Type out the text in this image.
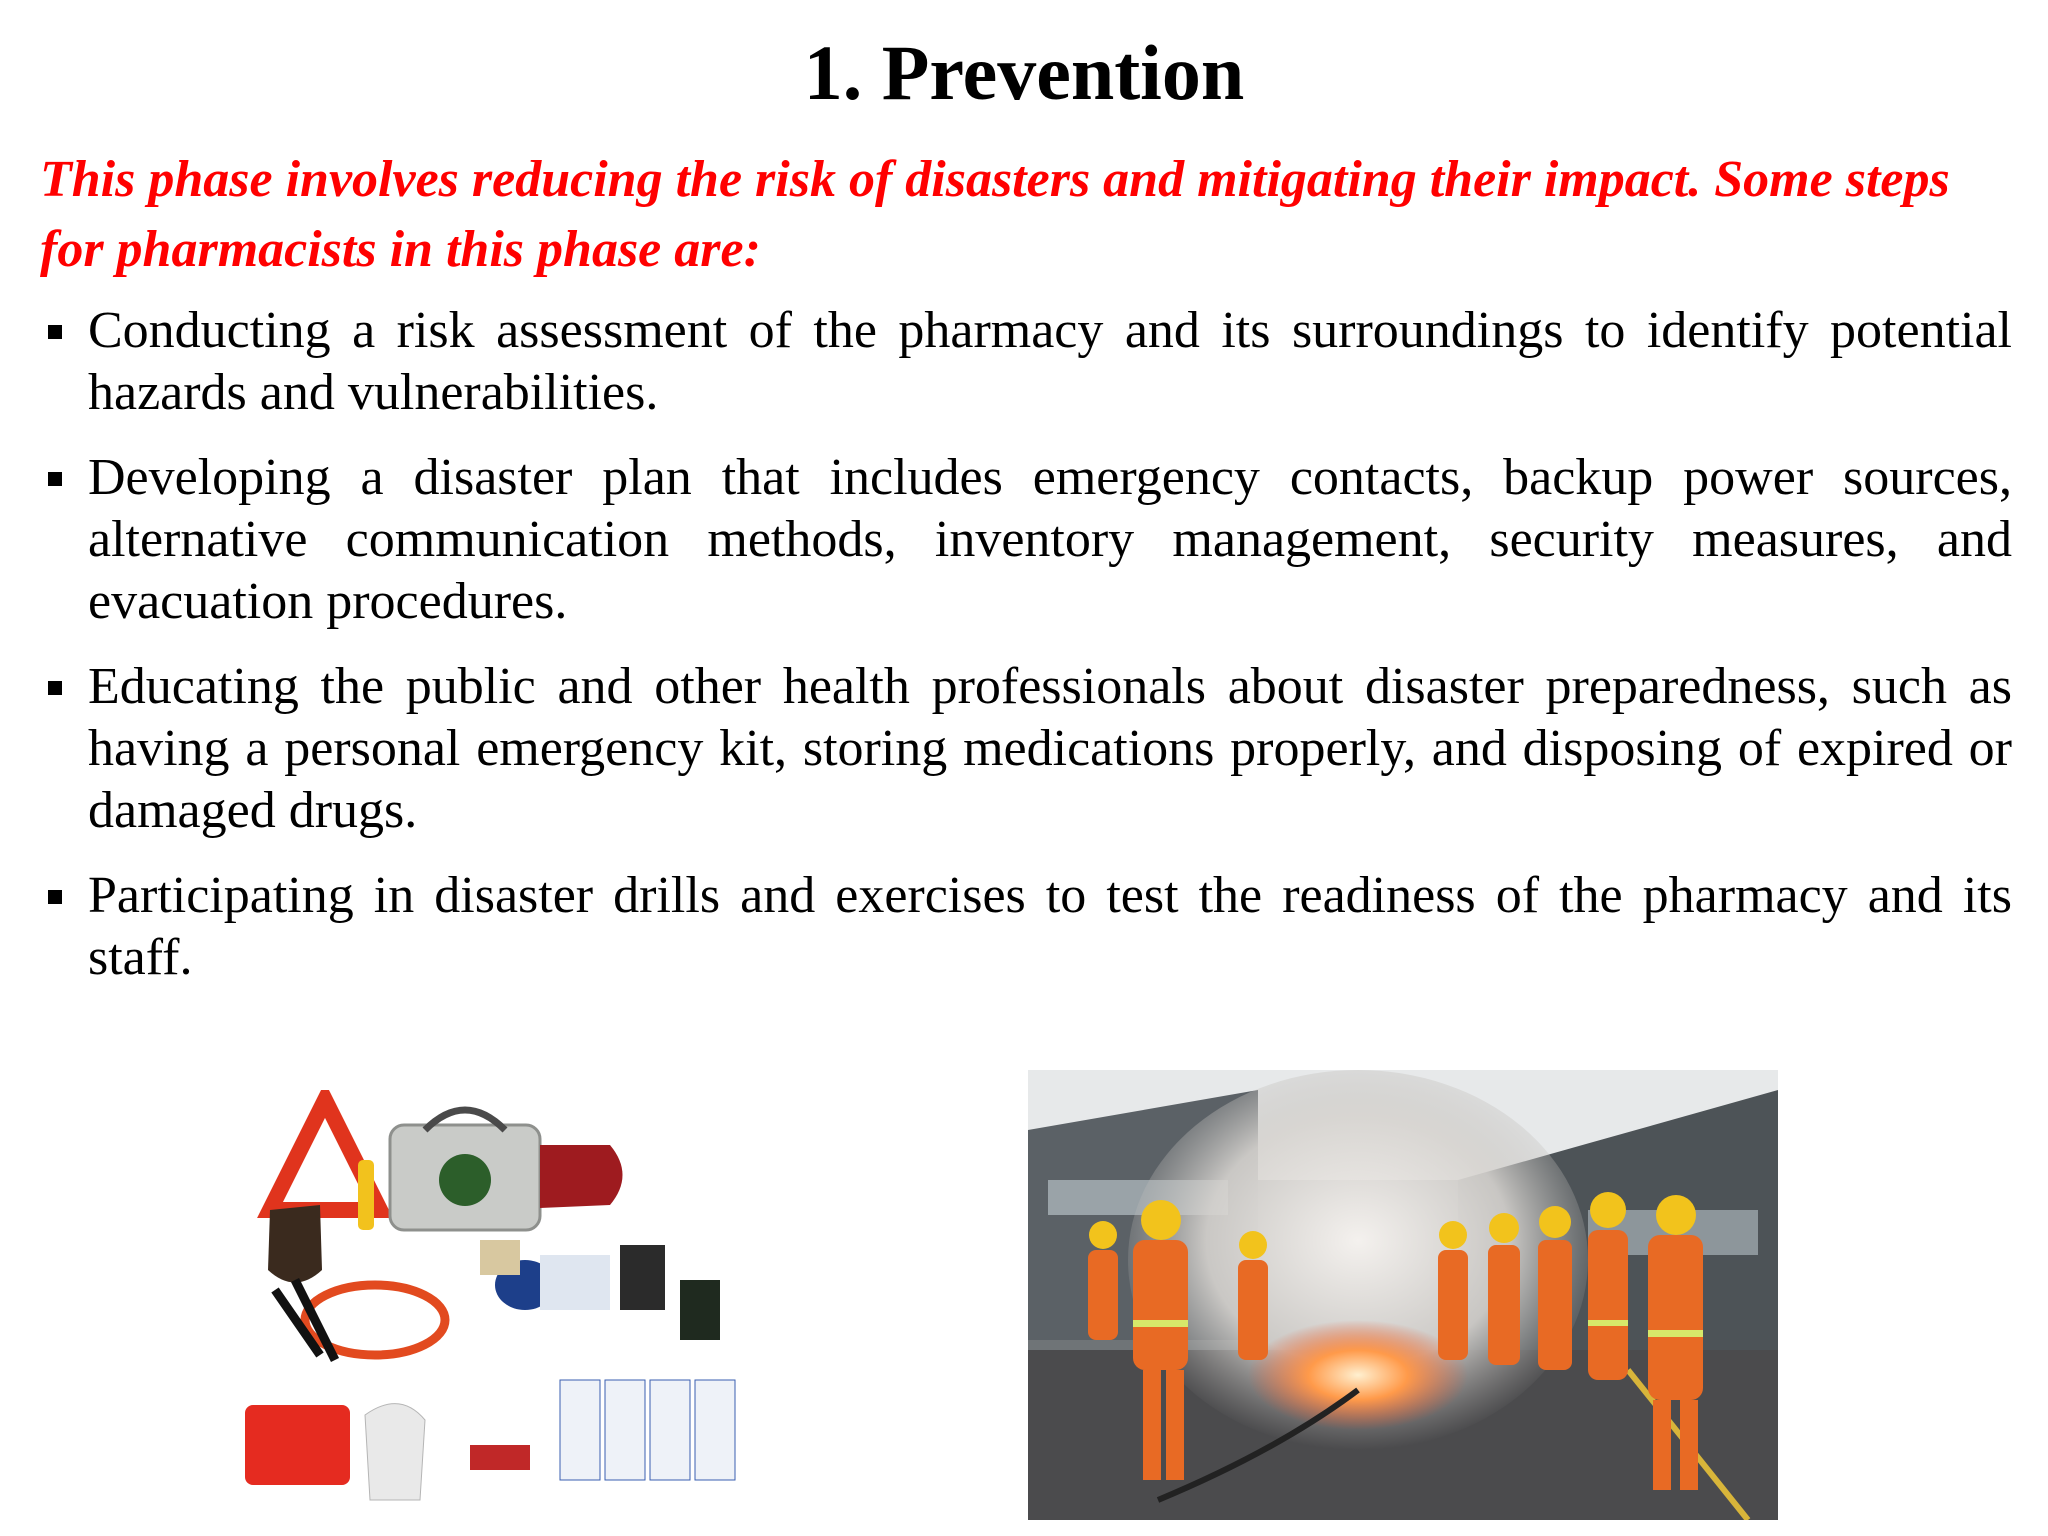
1. Prevention
This phase involves reducing the risk of disasters and mitigating their impact. Some steps for pharmacists in this phase are:
Conducting a risk assessment of the pharmacy and its surroundings to identify potential hazards and vulnerabilities.
Developing a disaster plan that includes emergency contacts, backup power sources, alternative communication methods, inventory management, security measures, and evacuation procedures.
Educating the public and other health professionals about disaster preparedness, such as having a personal emergency kit, storing medications properly, and disposing of expired or damaged drugs.
Participating in disaster drills and exercises to test the readiness of the pharmacy and its staff.
